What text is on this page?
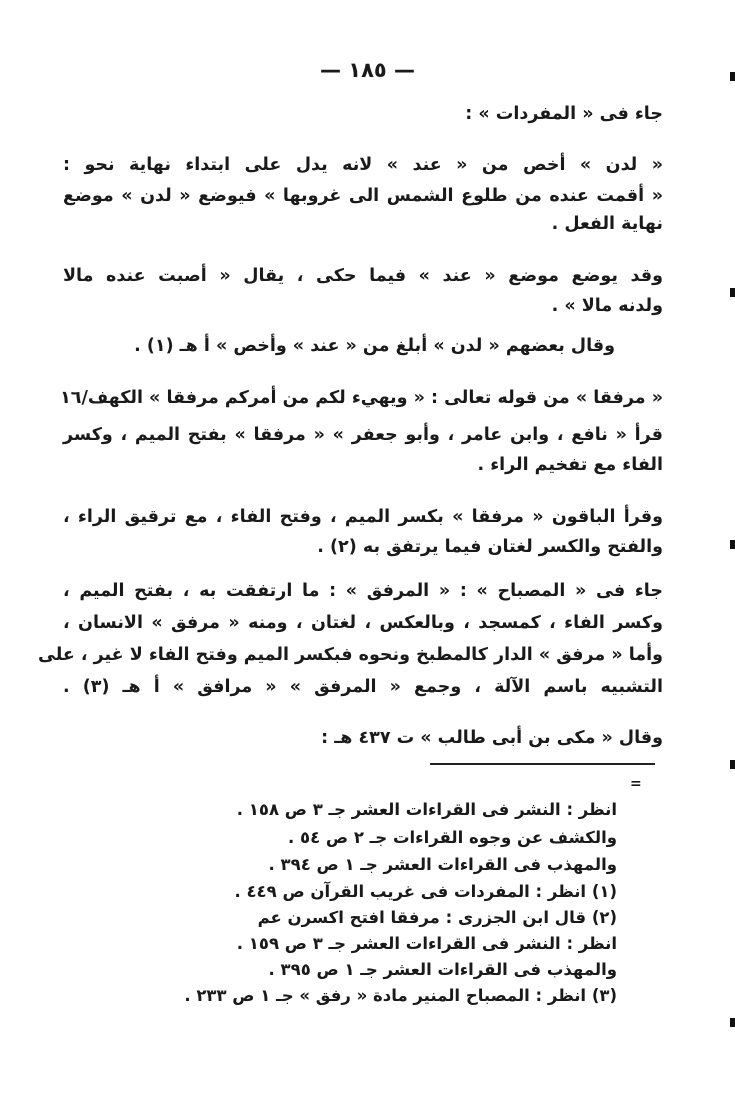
— ١٨٥ —
جاء فى « المفردات » :
« لدن » أخص من « عند » لانه يدل على ابتداء نهاية نحو :
« أقمت عنده من طلوع الشمس الى غروبها » فيوضع « لدن » موضع
نهاية الفعل .
وقد يوضع موضع « عند » فيما حكى ، يقال « أصبت عنده مالا
ولدنه مالا » .
وقال بعضهم « لدن » أبلغ من « عند » وأخص » أ هـ (١) .
« مرفقا » من قوله تعالى : « ويهيء لكم من أمركم مرفقا » الكهف/١٦
قرأ « نافع ، وابن عامر ، وأبو جعفر » « مرفقا » بفتح الميم ، وكسر
الفاء مع تفخيم الراء .
وقرأ الباقون « مرفقا » بكسر الميم ، وفتح الفاء ، مع ترقيق الراء ،
والفتح والكسر لغتان فيما يرتفق به (٢) .
جاء فى « المصباح » : « المرفق » : ما ارتفقت به ، بفتح الميم ،
وكسر الفاء ، كمسجد ، وبالعكس ، لغتان ، ومنه « مرفق » الانسان ،
وأما « مرفق » الدار كالمطبخ ونحوه فبكسر الميم وفتح الفاء لا غير ، على
التشبيه باسم الآلة ، وجمع « المرفق » « مرافق » أ هـ (٣) .
وقال « مكى بن أبى طالب » ت ٤٣٧ هـ :
=
انظر : النشر فى القراءات العشر جـ ٣ ص ١٥٨ .
والكشف عن وجوه القراءات جـ ٢ ص ٥٤ .
والمهذب فى القراءات العشر جـ ١ ص ٣٩٤ .
(١) انظر : المفردات فى غريب القرآن ص ٤٤٩ .
(٢) قال ابن الجزرى : مرفقا افتح اكسرن عم
انظر : النشر فى القراءات العشر جـ ٣ ص ١٥٩ .
والمهذب فى القراءات العشر جـ ١ ص ٣٩٥ .
(٣) انظر : المصباح المنير مادة « رفق » جـ ١ ص ٢٣٣ .
